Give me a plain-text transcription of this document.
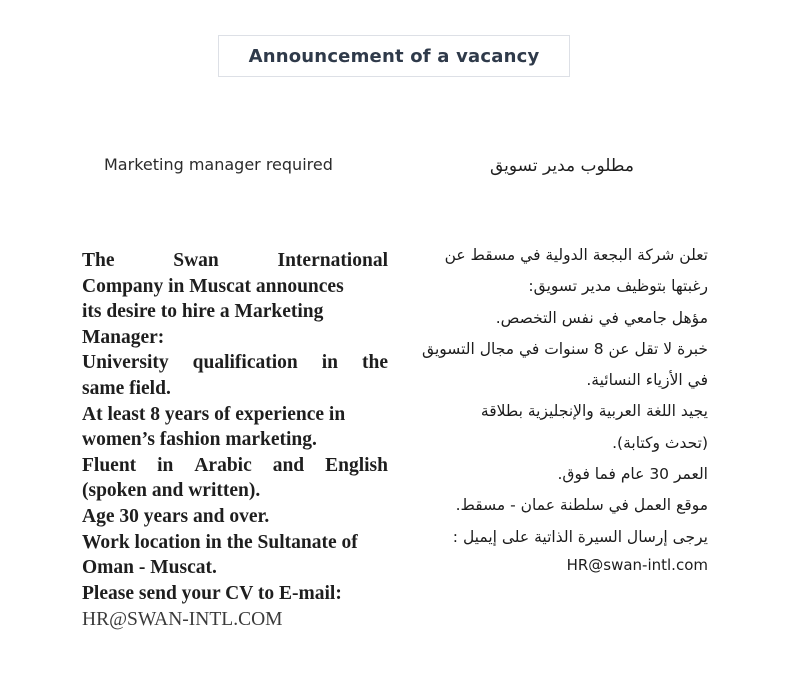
Announcement of a vacancy
Marketing manager required	مطلوب مدير تسويق
The	Swan	International
Company in Muscat announces
its desire to hire a Marketing
Manager:
University qualification in the
same field.
At least 8 years of experience in
women’s fashion marketing.
Fluent in Arabic and English
(spoken and written).
Age 30 years and over.
Work location in the Sultanate of
Oman - Muscat.
Please send your CV to E-mail:
HR@SWAN-INTL.COM
تعلن شركة البجعة الدولية في مسقط عن
رغبتها بتوظيف مدير تسويق:
مؤهل جامعي في نفس التخصص.
خبرة لا تقل عن 8 سنوات في مجال التسويق
في الأزياء النسائية.
يجيد اللغة العربية والإنجليزية بطلاقة
(تحدث وكتابة).
العمر 30 عام فما فوق.
موقع العمل في سلطنة عمان - مسقط.
يرجى إرسال السيرة الذاتية على إيميل :
HR@swan-intl.com
